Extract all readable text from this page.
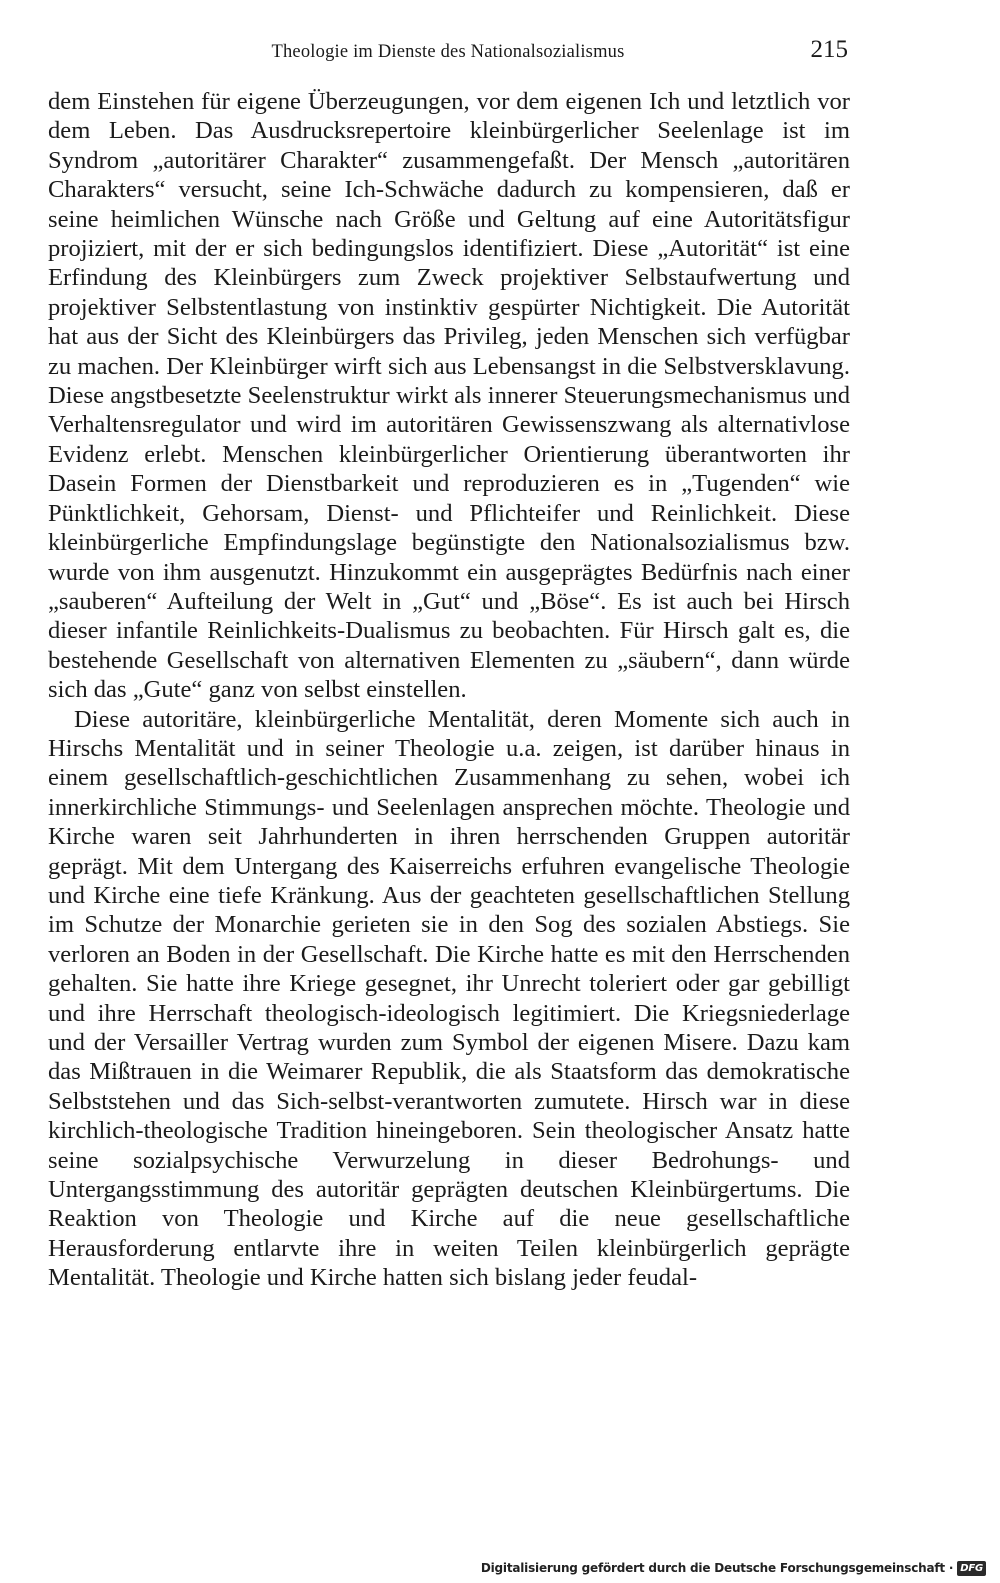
Theologie im Dienste des Nationalsozialismus	215

dem Einstehen für eigene Überzeugungen, vor dem eigenen Ich und letztlich vor dem Leben. Das Ausdrucksrepertoire kleinbürgerlicher Seelenlage ist im Syndrom „autoritärer Charakter“ zusammengefaßt. Der Mensch „autoritären Charakters“ versucht, seine Ich-Schwäche dadurch zu kompensieren, daß er seine heimlichen Wünsche nach Größe und Geltung auf eine Autoritätsfigur projiziert, mit der er sich bedingungslos identifiziert. Diese „Autorität“ ist eine Erfindung des Kleinbürgers zum Zweck projektiver Selbstaufwertung und projektiver Selbstentlastung von instinktiv gespürter Nichtigkeit. Die Autorität hat aus der Sicht des Kleinbürgers das Privileg, jeden Menschen sich verfügbar zu machen. Der Kleinbürger wirft sich aus Lebensangst in die Selbstversklavung. Diese angstbesetzte Seelenstruktur wirkt als innerer Steuerungsmechanismus und Verhaltensregulator und wird im autoritären Gewissenszwang als alternativlose Evidenz erlebt. Menschen kleinbürgerlicher Orientierung überantworten ihr Dasein Formen der Dienstbarkeit und reproduzieren es in „Tugenden“ wie Pünktlichkeit, Gehorsam, Dienst- und Pflichteifer und Reinlichkeit. Diese kleinbürgerliche Empfindungslage begünstigte den Nationalsozialismus bzw. wurde von ihm ausgenutzt. Hinzukommt ein ausgeprägtes Bedürfnis nach einer „sauberen“ Aufteilung der Welt in „Gut“ und „Böse“. Es ist auch bei Hirsch dieser infantile Reinlichkeits-Dualismus zu beobachten. Für Hirsch galt es, die bestehende Gesellschaft von alternativen Elementen zu „säubern“, dann würde sich das „Gute“ ganz von selbst einstellen.

Diese autoritäre, kleinbürgerliche Mentalität, deren Momente sich auch in Hirschs Mentalität und in seiner Theologie u.a. zeigen, ist darüber hinaus in einem gesellschaftlich-geschichtlichen Zusammenhang zu sehen, wobei ich innerkirchliche Stimmungs- und Seelenlagen ansprechen möchte. Theologie und Kirche waren seit Jahrhunderten in ihren herrschenden Gruppen autoritär geprägt. Mit dem Untergang des Kaiserreichs erfuhren evangelische Theologie und Kirche eine tiefe Kränkung. Aus der geachteten gesellschaftlichen Stellung im Schutze der Monarchie gerieten sie in den Sog des sozialen Abstiegs. Sie verloren an Boden in der Gesellschaft. Die Kirche hatte es mit den Herrschenden gehalten. Sie hatte ihre Kriege gesegnet, ihr Unrecht toleriert oder gar gebilligt und ihre Herrschaft theologisch-ideologisch legitimiert. Die Kriegsniederlage und der Versailler Vertrag wurden zum Symbol der eigenen Misere. Dazu kam das Mißtrauen in die Weimarer Republik, die als Staatsform das demokratische Selbststehen und das Sich-selbst-verantworten zumutete. Hirsch war in diese kirchlich-theologische Tradition hineingeboren. Sein theologischer Ansatz hatte seine sozialpsychische Verwurzelung in dieser Bedrohungs- und Untergangsstimmung des autoritär geprägten deutschen Kleinbürgertums. Die Reaktion von Theologie und Kirche auf die neue gesellschaftliche Herausforderung entlarvte ihre in weiten Teilen kleinbürgerlich geprägte Mentalität. Theologie und Kirche hatten sich bislang jeder feudal-

Digitalisierung gefördert durch die Deutsche Forschungsgemeinschaft · DFG
